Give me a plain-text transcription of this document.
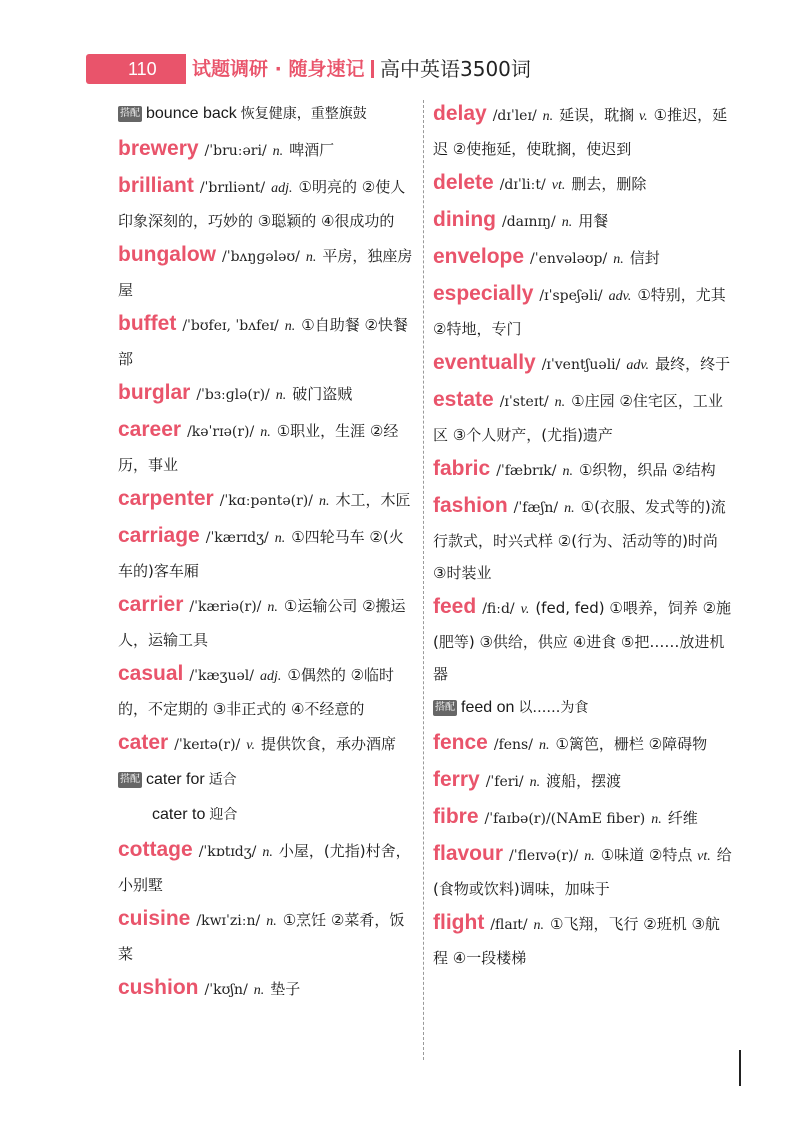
110	试题调研 · 随身速记 高中英语3500词
搭配 bounce back 恢复健康，重整旗鼓
brewery /ˈbruːəri/ n. 啤酒厂
brilliant /ˈbrɪliənt/ adj. ①明亮的 ②使人印象深刻的，巧妙的 ③聪颖的 ④很成功的
bungalow /ˈbʌŋɡələʊ/ n. 平房，独座房屋
buffet /ˈbʊfeɪ, ˈbʌfeɪ/ n. ①自助餐 ②快餐部
burglar /ˈbɜːɡlə(r)/ n. 破门盗贼
career /kəˈrɪə(r)/ n. ①职业，生涯 ②经历，事业
carpenter /ˈkɑːpəntə(r)/ n. 木工，木匠
carriage /ˈkærɪdʒ/ n. ①四轮马车 ②(火车的)客车厢
carrier /ˈkæriə(r)/ n. ①运输公司 ②搬运人，运输工具
casual /ˈkæʒuəl/ adj. ①偶然的 ②临时的，不定期的 ③非正式的 ④不经意的
cater /ˈkeɪtə(r)/ v. 提供饮食，承办酒席
搭配 cater for 适合
cater to 迎合
cottage /ˈkɒtɪdʒ/ n. 小屋，(尤指)村舍，小别墅
cuisine /kwɪˈziːn/ n. ①烹饪 ②菜肴，饭菜
cushion /ˈkʊʃn/ n. 垫子
delay /dɪˈleɪ/ n. 延误，耽搁 v. ①推迟，延迟 ②使拖延，使耽搁，使迟到
delete /dɪˈliːt/ vt. 删去，删除
dining /daɪnɪŋ/ n. 用餐
envelope /ˈenvələʊp/ n. 信封
especially /ɪˈspeʃəli/ adv. ①特别，尤其 ②特地，专门
eventually /ɪˈventʃuəli/ adv. 最终，终于
estate /ɪˈsteɪt/ n. ①庄园 ②住宅区，工业区 ③个人财产，(尤指)遗产
fabric /ˈfæbrɪk/ n. ①织物，织品 ②结构
fashion /ˈfæʃn/ n. ①(衣服、发式等的)流行款式，时兴式样 ②(行为、活动等的)时尚 ③时装业
feed /fiːd/ v. (fed, fed) ①喂养，饲养 ②施(肥等) ③供给，供应 ④进食 ⑤把……放进机器
搭配 feed on 以……为食
fence /fens/ n. ①篱笆，栅栏 ②障碍物
ferry /ˈferi/ n. 渡船，摆渡
fibre /ˈfaɪbə(r)/(NAmE fiber) n. 纤维
flavour /ˈfleɪvə(r)/ n. ①味道 ②特点 vt. 给(食物或饮料)调味，加味于
flight /flaɪt/ n. ①飞翔，飞行 ②班机 ③航程 ④一段楼梯
